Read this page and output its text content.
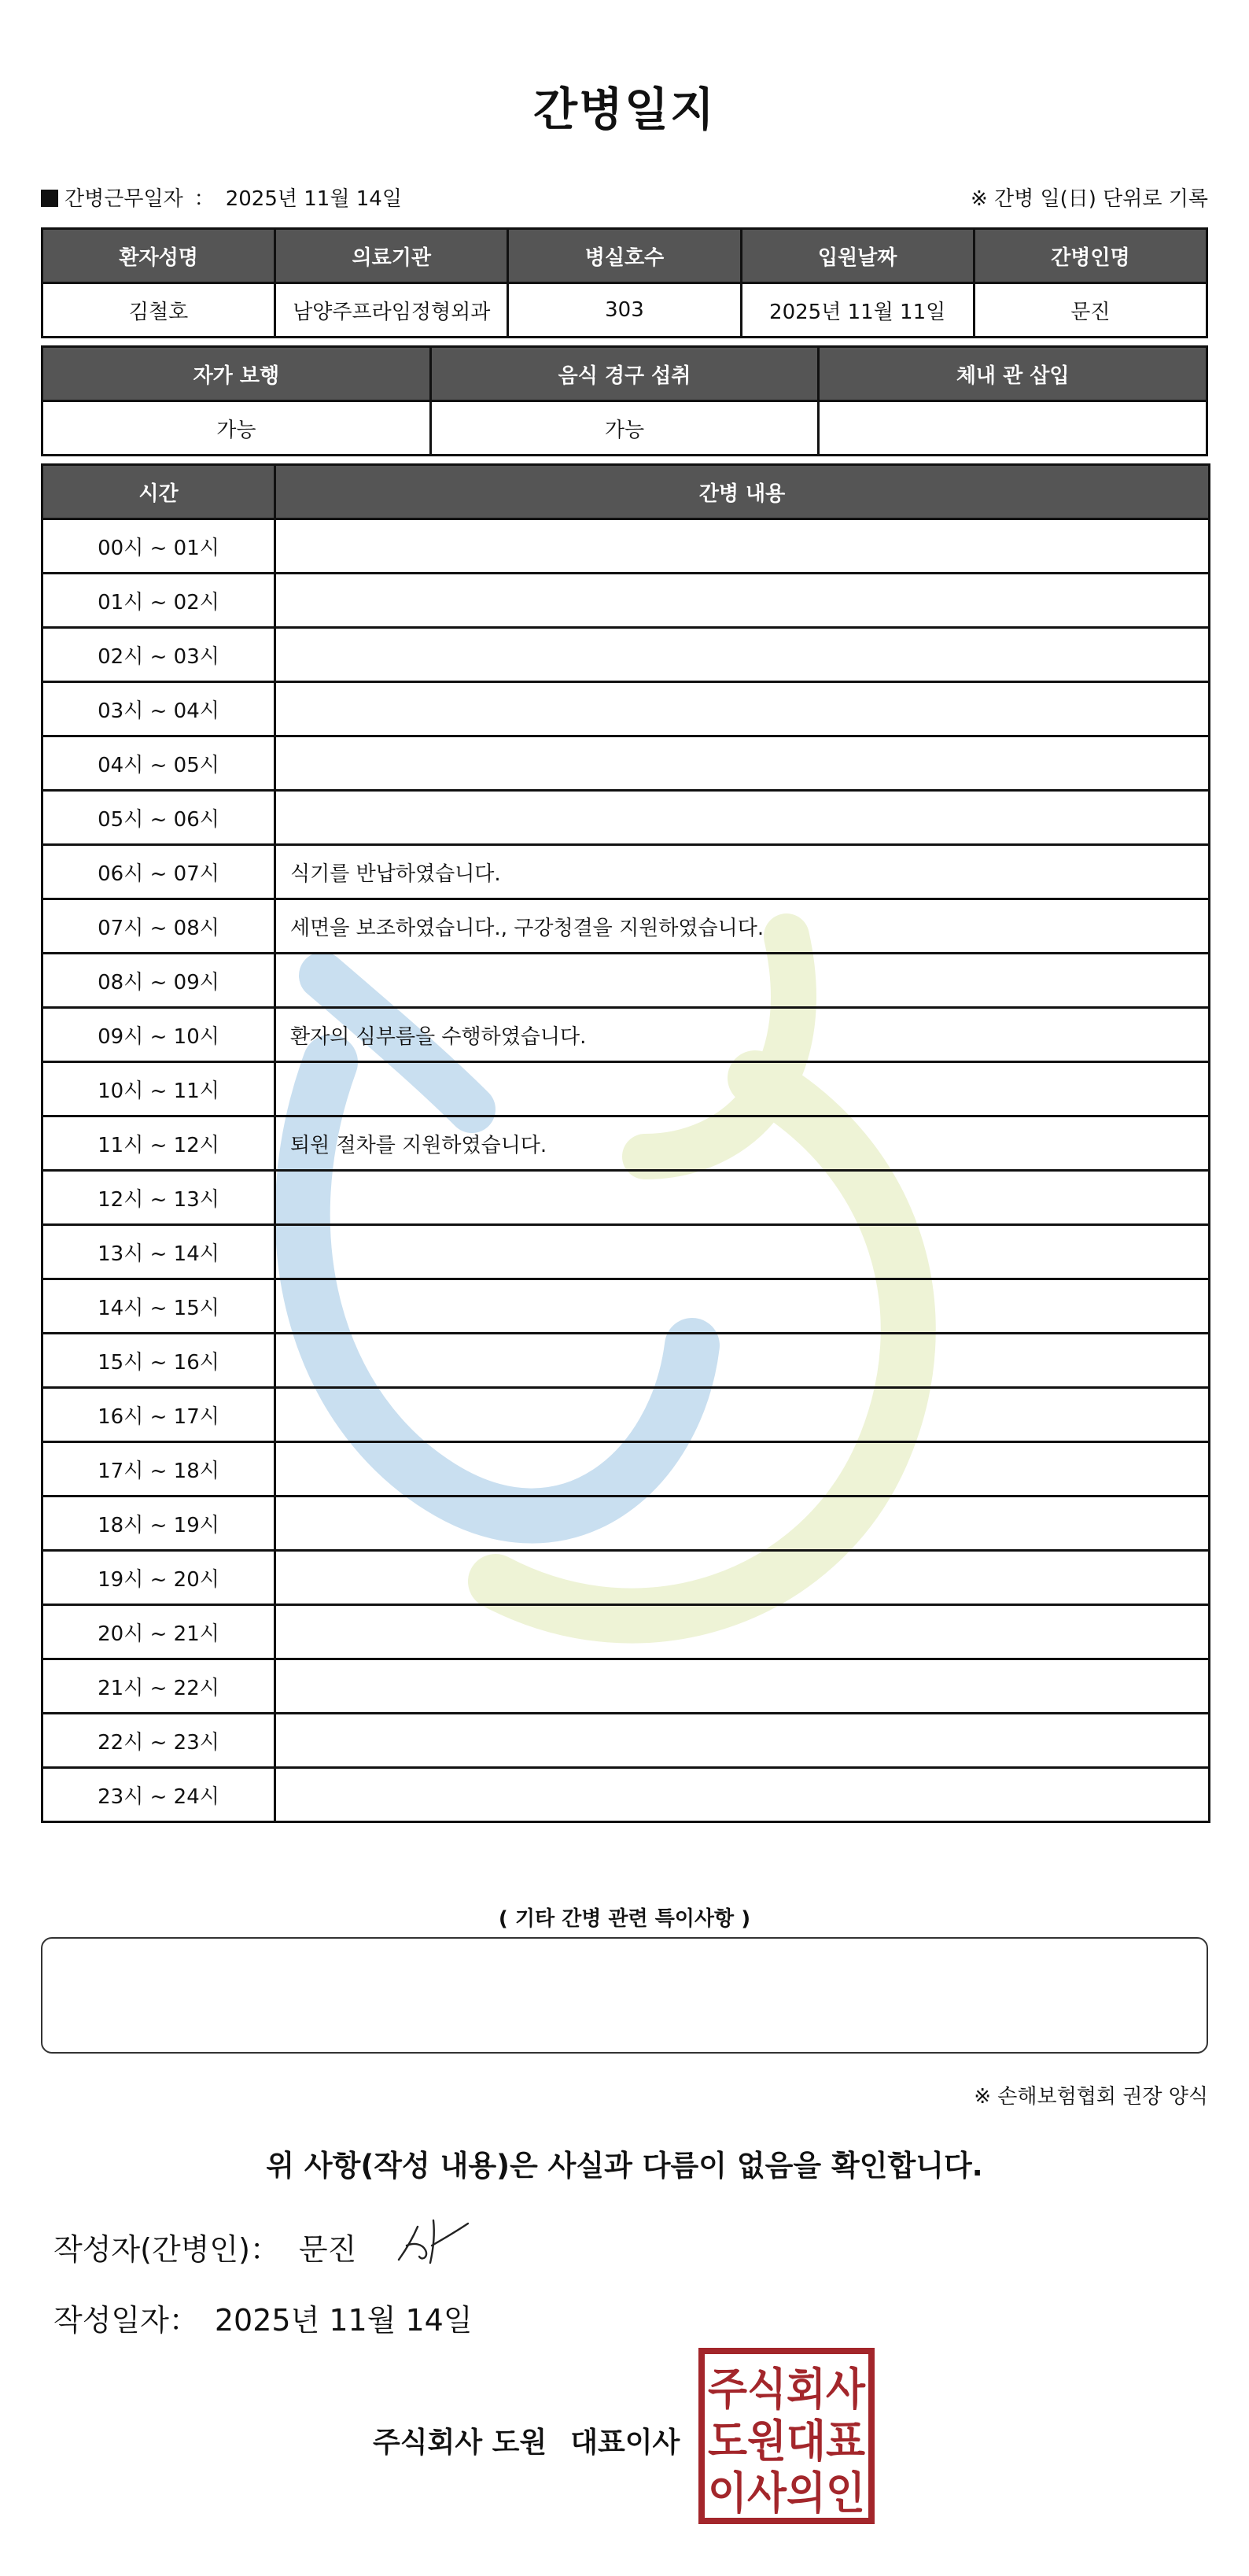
간병일지
간병근무일자 ： 2025년 11월 14일	※ 간병 일(日) 단위로 기록
환자성명	의료기관	병실호수	입원날짜	간병인명
김철호	남양주프라임정형외과	303	2025년 11월 11일	문진
자가 보행	음식 경구 섭취	체내 관 삽입
가능	가능	
시간	간병 내용
00시 ~ 01시	
01시 ~ 02시	
02시 ~ 03시	
03시 ~ 04시	
04시 ~ 05시	
05시 ~ 06시	
06시 ~ 07시	식기를 반납하였습니다.
07시 ~ 08시	세면을 보조하였습니다., 구강청결을 지원하였습니다.
08시 ~ 09시	
09시 ~ 10시	환자의 심부름을 수행하였습니다.
10시 ~ 11시	
11시 ~ 12시	퇴원 절차를 지원하였습니다.
12시 ~ 13시	
13시 ~ 14시	
14시 ~ 15시	
15시 ~ 16시	
16시 ~ 17시	
17시 ~ 18시	
18시 ~ 19시	
19시 ~ 20시	
20시 ~ 21시	
21시 ~ 22시	
22시 ~ 23시	
23시 ~ 24시	
( 기타 간병 관련 특이사항 )
※ 손해보험협회 권장 양식
위 사항(작성 내용)은 사실과 다름이 없음을 확인합니다.
작성자(간병인)： 문진
작성일자： 2025년 11월 14일
주식회사 도원 대표이사
주식회사
도원대표
이사의인
